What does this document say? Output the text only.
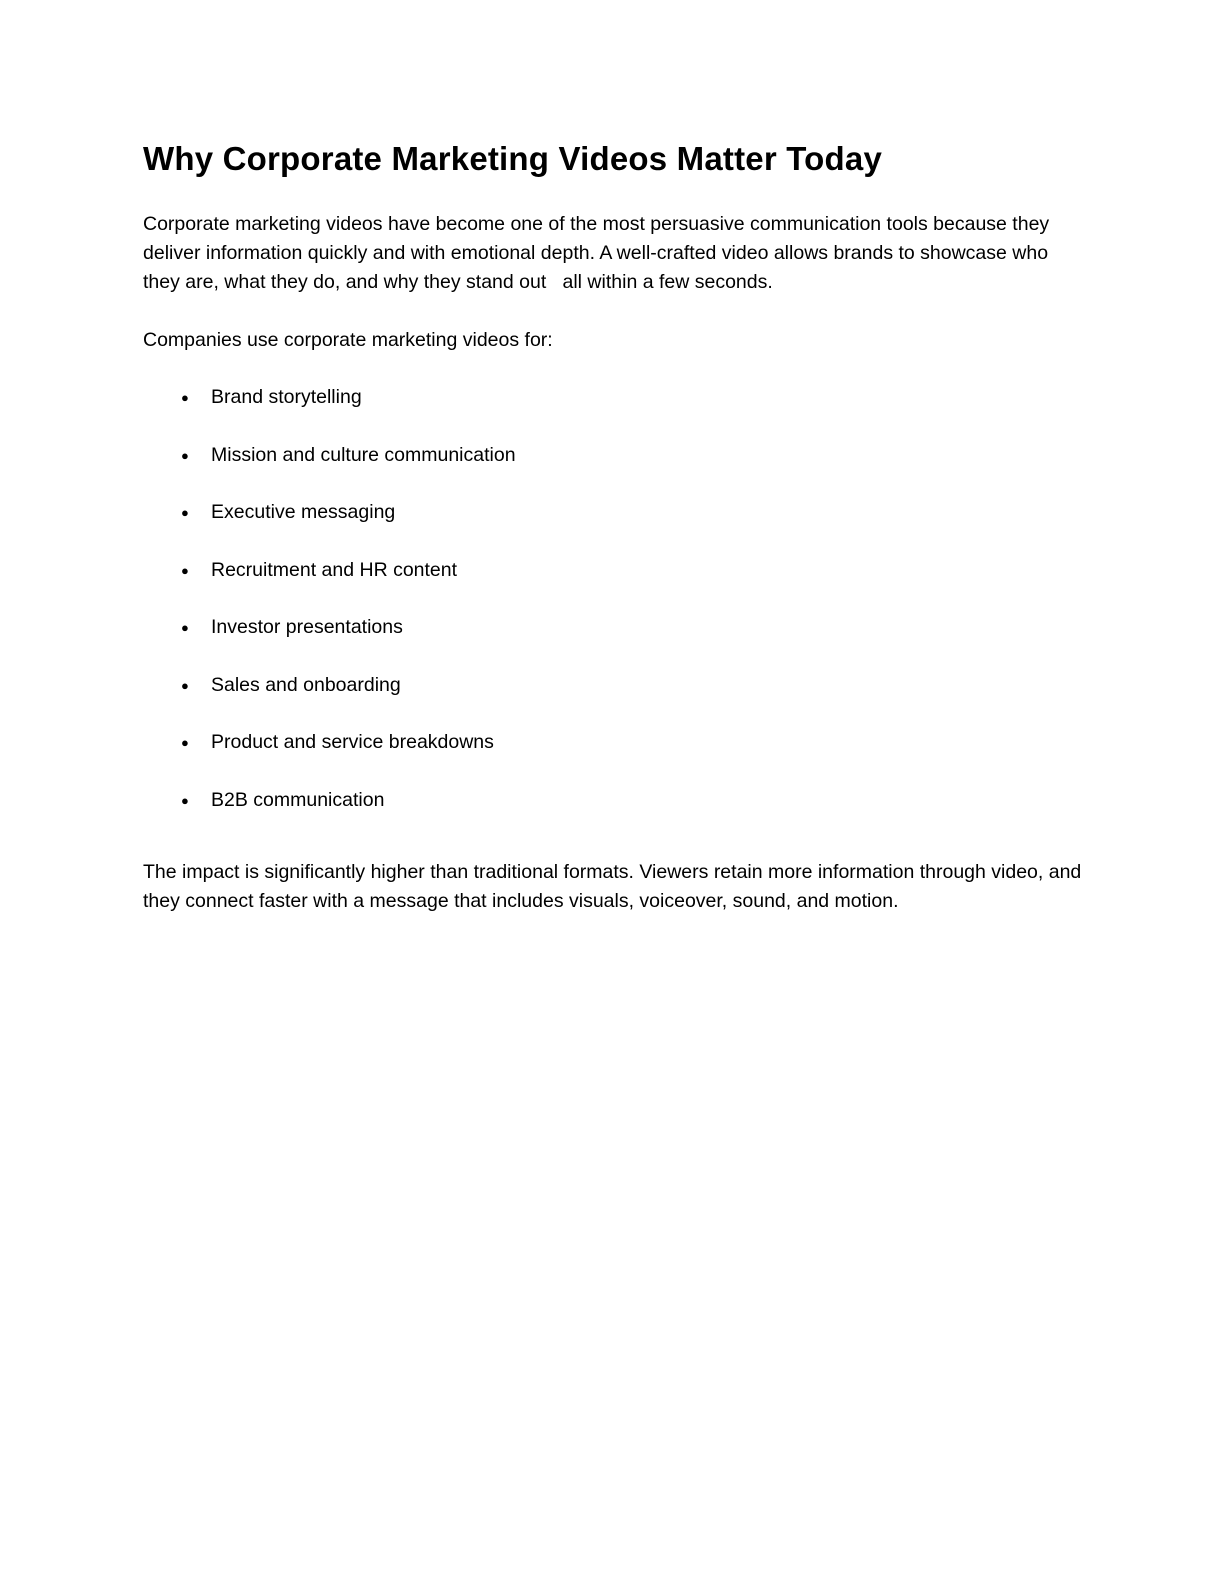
Why Corporate Marketing Videos Matter Today

Corporate marketing videos have become one of the most persuasive communication tools because they deliver information quickly and with emotional depth. A well-crafted video allows brands to showcase who they are, what they do, and why they stand out   all within a few seconds.

Companies use corporate marketing videos for:

●	Brand storytelling
●	Mission and culture communication
●	Executive messaging
●	Recruitment and HR content
●	Investor presentations
●	Sales and onboarding
●	Product and service breakdowns
●	B2B communication

The impact is significantly higher than traditional formats. Viewers retain more information through video, and they connect faster with a message that includes visuals, voiceover, sound, and motion.
